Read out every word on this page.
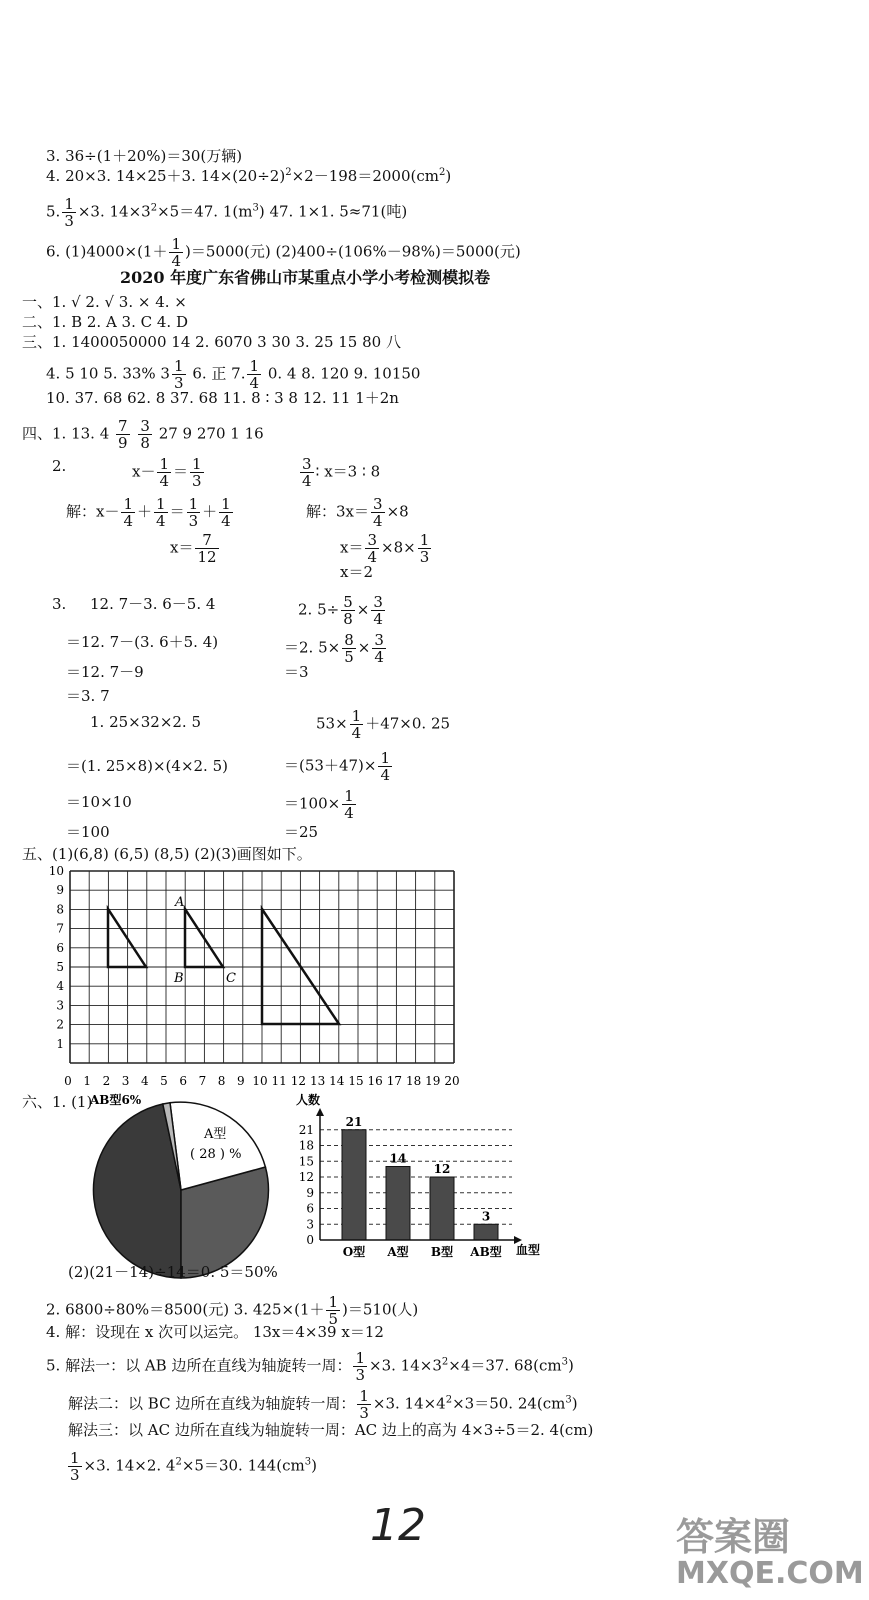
3. 36÷(1＋20%)＝30(万辆)
4. 20×3. 14×25＋3. $14\times(20\div 2)^2\times 2-198=2000(cm^2)$
5. $\frac{1}{3} \times 3$. $14\times 3^2\times 5=47$. $1(m^3)$ 47. 1×1. 5≈71(吨)
6. $(1)4000\times(1+ \frac{1}{4} )=5000$(元) (2)400÷(106%－98%)＝5000(元)
2020 年度广东省佛山市某重点小学小考检测模拟卷
一、1. √ 2. √ 3. × 4. ×
二、1. B 2. A 3. C 4. D
三、1. 1400050000 14 2. 6070 3 30 3. 25 15 80 八
4. 5 10 5. 33% $3 \frac{1}{3} 6$. 正 7. $\frac{1}{4} 0$. 4 8. 120 9. 10150
10. 37. 68 62. 8 37. 68 11. 8 ∶ 3 8 12. 11 1＋2n
四、1. 13. $4 \frac{7}{9}$
$\frac{3}{8} 27$ 9 270 1 16
2.	$x- \frac{1}{4} = \frac{1}{3}$	$\frac{3}{4}$ ∶ x＝3 ∶ 8
解：$x- \frac{1}{4} + \frac{1}{4} = \frac{1}{3} + \frac{1}{4}$	解：$3x= \frac{3}{4} \times 8$
$x= \frac{7}{12}$	$x= \frac{3}{4} \times 8\times \frac{1}{3}$
x＝2
3. 12. 7－3. 6－5. 4	2. $5\div \frac{5}{8} \times \frac{3}{4}$
＝12. 7－(3. 6＋5. 4)	＝2. $5\times \frac{8}{5} \times \frac{3}{4}$
＝12. 7－9	＝3
＝3. 7
1. 25×32×2. 5	$53\times \frac{1}{4} +47\times 0$. 25
＝(1. 25×8)×(4×2. 5)	$=(53+47)\times \frac{1}{4}$
＝10×10	$=100\times \frac{1}{4}$
＝100	＝25
五、(1)(6,8) (6,5) (8,5) (2)(3)画图如下。
10
9
8
7
6
5
4
3
2
1
0 1 2 3 4 5 6 7 8 9 10 11 12 13 14 15 16 17 18 19 20
A
B	C
六、1. (1)
AB型6%
A型
( 28 ) %
人数
血型
0
3
6
9
12
15
18
21
21
O型
14
A型
12
B型
3
AB型
(2)(21－14)÷14＝0. 5＝50%
2. 6800÷80%＝8500(元) 3. $425\times(1+ \frac{1}{5} )=510$(人)
4. 解：设现在 x 次可以运完。 13x＝4×39 x＝12
5. 解法一：以 AB 边所在直线为轴旋转一周： $\frac{1}{3} \times 3$. $14\times 3^2\times 4=37$. $68(cm^3)$
解法二：以 BC 边所在直线为轴旋转一周： $\frac{1}{3} \times 3$. $14\times 4^2\times 3=50$. $24(cm^3)$
解法三：以 AC 边所在直线为轴旋转一周：AC 边上的高为 4×3÷5＝2. 4(cm)
$\frac{1}{3} \times 3$. 14×2. $4^2\times 5=30$. $144(cm^3)$
12	答案圈
MXQE.COM
